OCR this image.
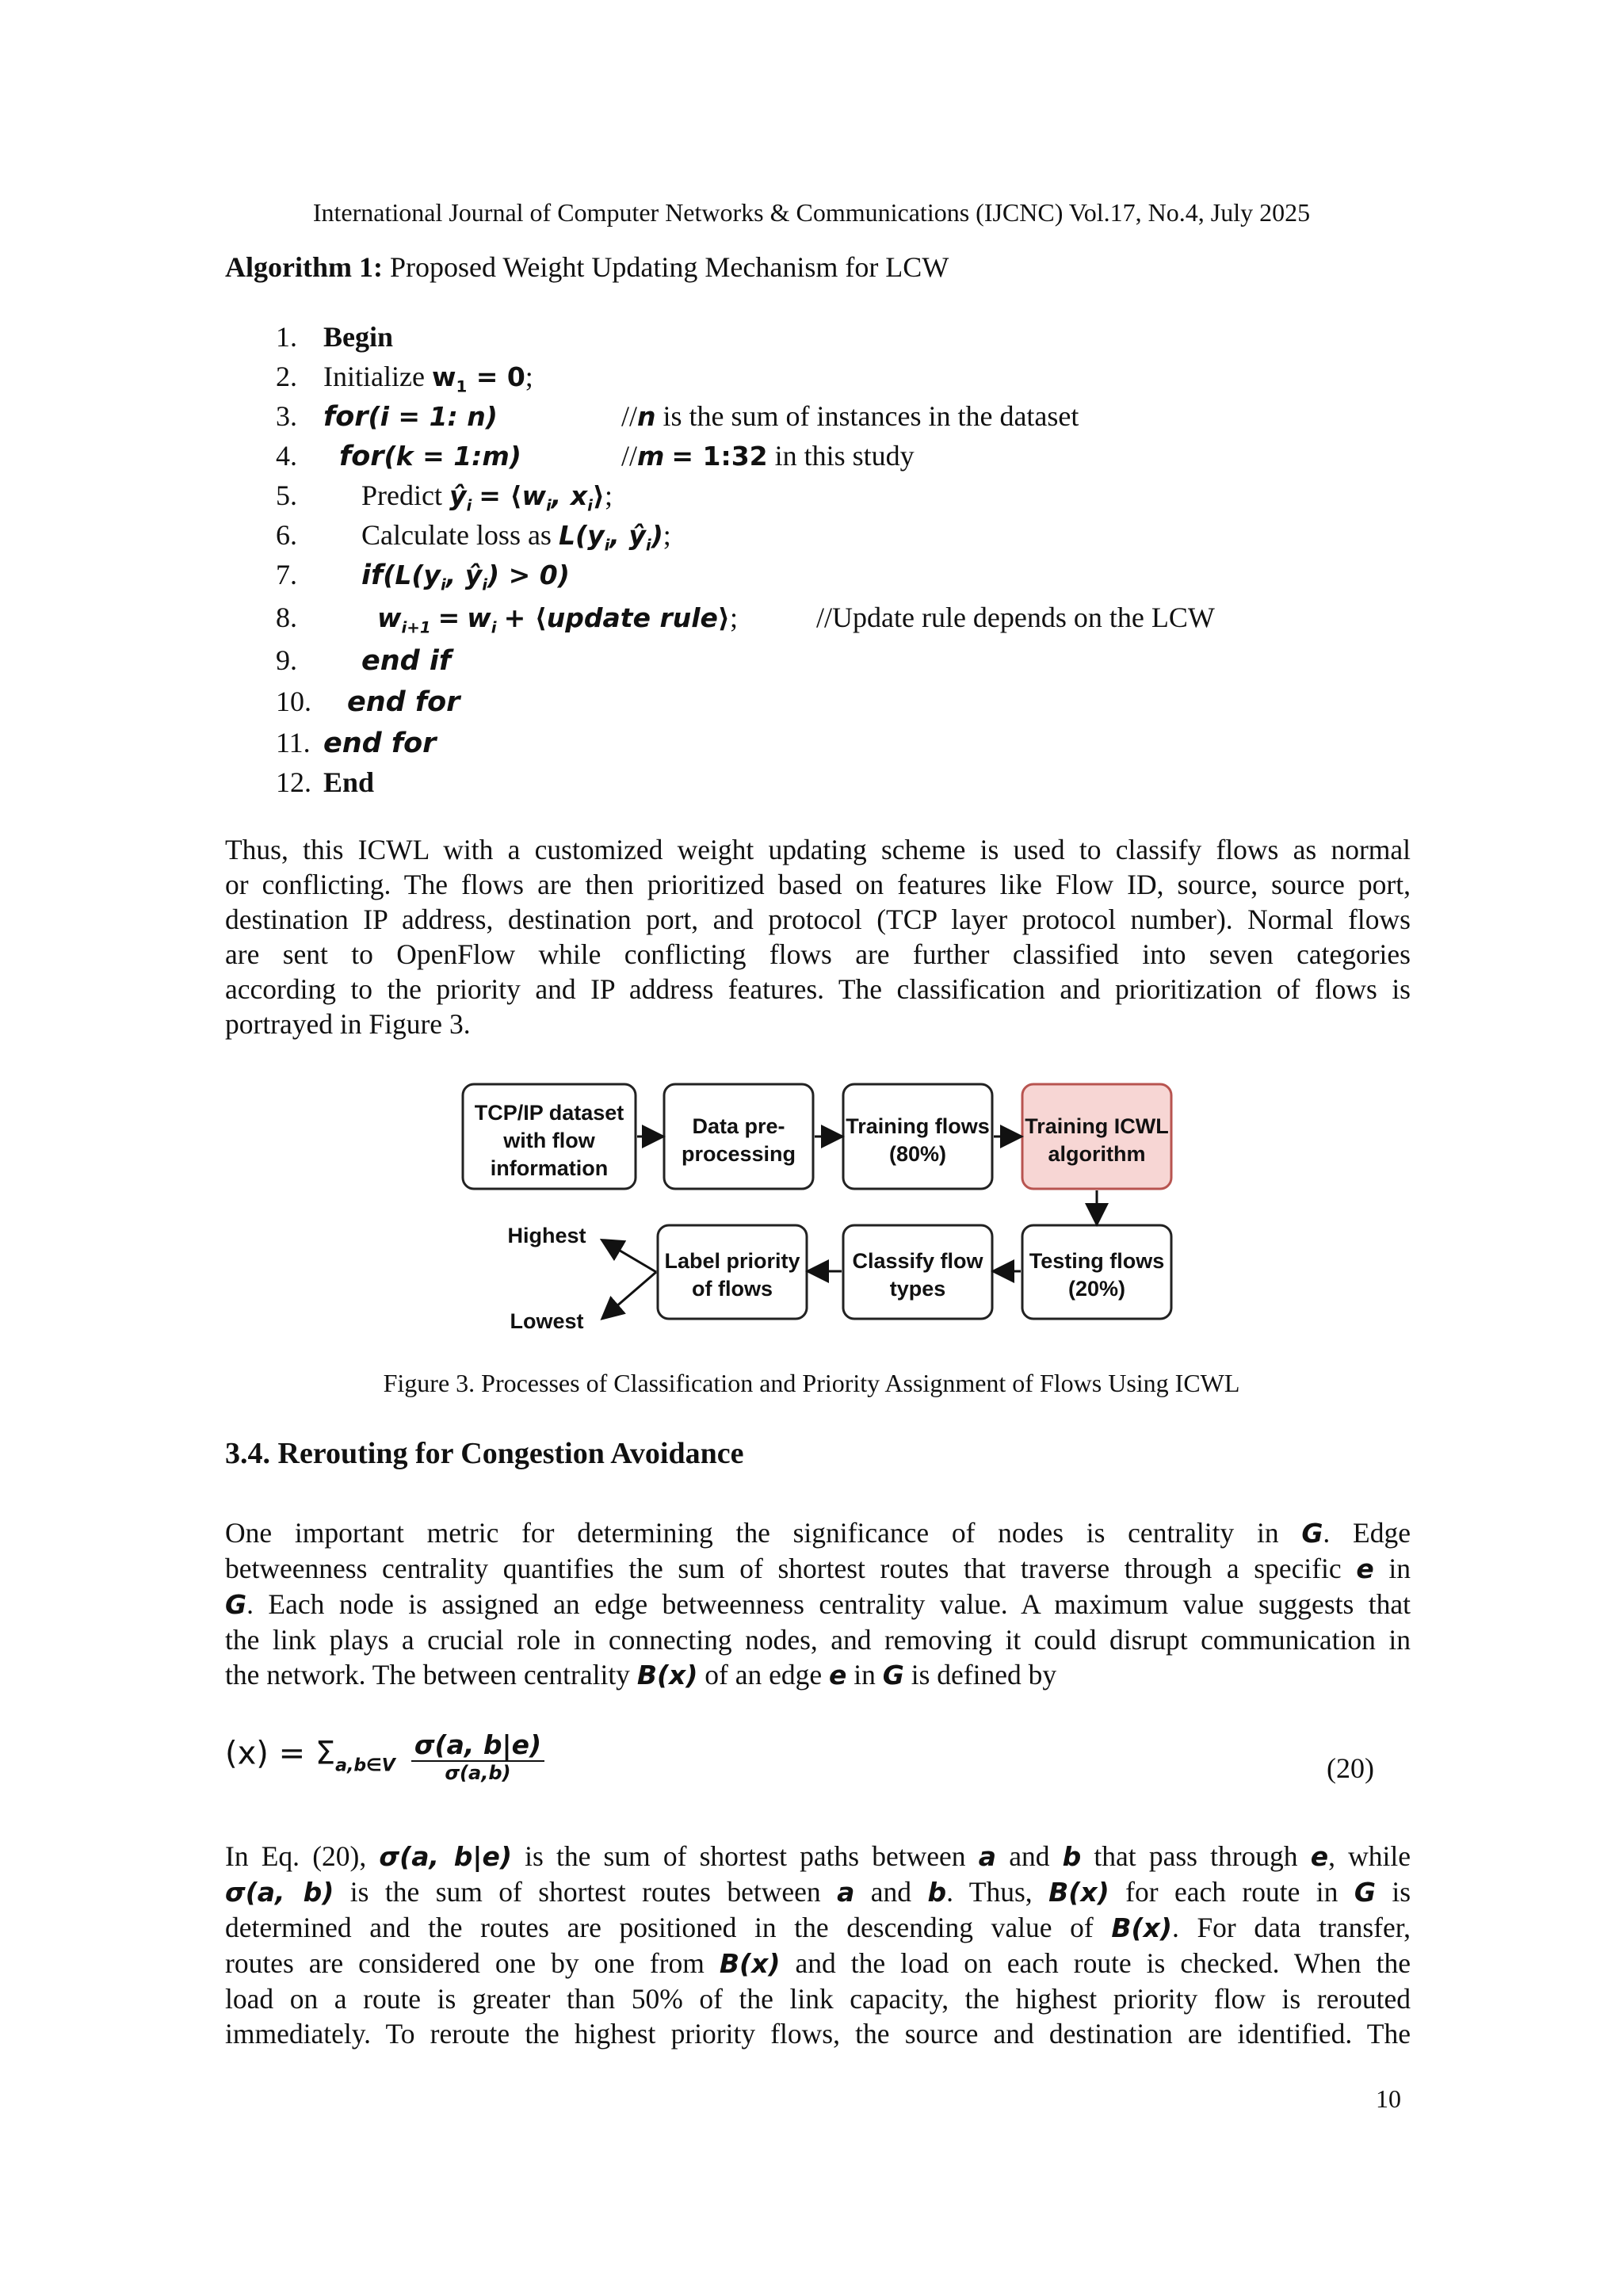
International Journal of Computer Networks & Communications (IJCNC) Vol.17, No.4, July 2025
Algorithm 1: Proposed Weight Updating Mechanism for LCW
1. Begin
2. Initialize $w_1 = 0$;
3. for(i = 1: n)	//n is the sum of instances in the dataset
4.	for(k = 1:m)	//m = 1:32 in this study
5.	Predict $ŷ_i$ = $⟨w_i$, $x_i⟩$;
6.	Calculate loss as $L(y_i$, $ŷ_i$);
7.	$if(L(y_i$, $ŷ_i) > 0$)
8.	$w_{i+1} = w_i$ + ⟨update rule⟩;	//Update rule depends on the LCW
9.	end if
10.	end for
11. end for
12. End
Thus, this ICWL with a customized weight updating scheme is used to classify flows as normal
or conflicting. The flows are then prioritized based on features like Flow ID, source, source port,
destination IP address, destination port, and protocol (TCP layer protocol number). Normal flows
are sent to OpenFlow while conflicting flows are further classified into seven categories
according to the priority and IP address features. The classification and prioritization of flows is
portrayed in Figure 3.
TCP/IP dataset
with flow
information
Data pre-
processing
Training flows
(80%)
Training ICWL
algorithm
Label priority
of flows
Classify flow
types
Testing flows
(20%)
Highest
Lowest
Figure 3. Processes of Classification and Priority Assignment of Flows Using ICWL
3.4. Rerouting for Congestion Avoidance
One important metric for determining the significance of nodes is centrality in G. Edge
betweenness centrality quantifies the sum of shortest routes that traverse through a specific e in
G. Each node is assigned an edge betweenness centrality value. A maximum value suggests that
the link plays a crucial role in connecting nodes, and removing it could disrupt communication in
the network. The between centrality B(x) of an edge e in G is defined by
$(x) = \Sigma_{a,b\in V} \frac{\sigma(a, b|e)}{\sigma(a,b)}$	(20)
In Eq. (20), σ(a, b|e) is the sum of shortest paths between a and b that pass through e, while
σ(a, b) is the sum of shortest routes between a and b. Thus, B(x) for each route in G is
determined and the routes are positioned in the descending value of B(x). For data transfer,
routes are considered one by one from B(x) and the load on each route is checked. When the
load on a route is greater than 50% of the link capacity, the highest priority flow is rerouted
immediately. To reroute the highest priority flows, the source and destination are identified. The
10
